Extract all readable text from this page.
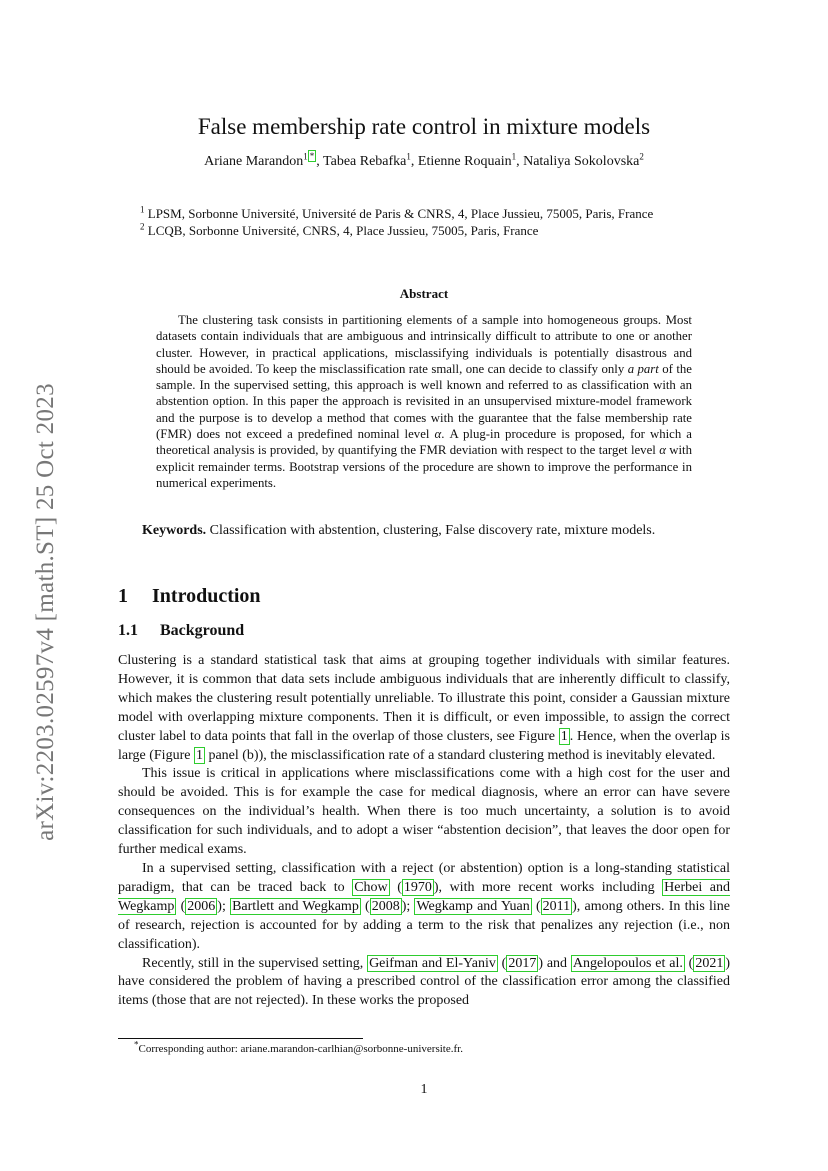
arXiv:2203.02597v4 [math.ST] 25 Oct 2023
False membership rate control in mixture models
Ariane Marandon$^{1 *}$ , Tabea Rebafka$^1$, Etienne Roquain$^1$, Nataliya Sokolovska$^2$
$^1$ LPSM, Sorbonne Université, Université de Paris & CNRS, 4, Place Jussieu, 75005, Paris, France
$^2$ LCQB, Sorbonne Université, CNRS, 4, Place Jussieu, 75005, Paris, France
Abstract

The clustering task consists in partitioning elements of a sample into homogeneous groups. Most datasets contain individuals that are ambiguous and intrinsically difficult to attribute to one or another cluster. However, in practical applications, misclassifying individuals is potentially disastrous and should be avoided. To keep the misclassification rate small, one can decide to classify only a part of the sample. In the supervised setting, this approach is well known and referred to as classification with an abstention option. In this paper the approach is revisited in an unsupervised mixture-model framework and the purpose is to develop a method that comes with the guarantee that the false membership rate (FMR) does not exceed a predefined nominal level α. A plug-in procedure is proposed, for which a theoretical analysis is provided, by quantifying the FMR deviation with respect to the target level α with explicit remainder terms. Bootstrap versions of the procedure are shown to improve the performance in numerical experiments.

Keywords. Classification with abstention, clustering, False discovery rate, mixture models.

1 Introduction
1.1 Background

Clustering is a standard statistical task that aims at grouping together individuals with similar features. However, it is common that data sets include ambiguous individuals that are inherently difficult to classify, which makes the clustering result potentially unreliable. To illustrate this point, consider a Gaussian mixture model with overlapping mixture components. Then it is difficult, or even impossible, to assign the correct cluster label to data points that fall in the overlap of those clusters, see Figure 1 . Hence, when the overlap is large (Figure 1 panel (b)), the misclassification rate of a standard clustering method is inevitably elevated.

This issue is critical in applications where misclassifications come with a high cost for the user and should be avoided. This is for example the case for medical diagnosis, where an error can have severe consequences on the individual’s health. When there is too much uncertainty, a solution is to avoid classification for such individuals, and to adopt a wiser “abstention decision”, that leaves the door open for further medical exams.

In a supervised setting, classification with a reject (or abstention) option is a long-standing statistical paradigm, that can be traced back to Chow ( 1970 ), with more recent works including Herbei and Wegkamp ( 2006 ); Bartlett and Wegkamp ( 2008 ); Wegkamp and Yuan ( 2011 ), among others. In this line of research, rejection is accounted for by adding a term to the risk that penalizes any rejection (i.e., non classification).

Recently, still in the supervised setting, Geifman and El-Yaniv ( 2017 ) and Angelopoulos et al. ( 2021 ) have considered the problem of having a prescribed control of the classification error among the classified items (those that are not rejected). In these works the proposed

*Corresponding author: ariane.marandon-carlhian@sorbonne-universite.fr.
1
